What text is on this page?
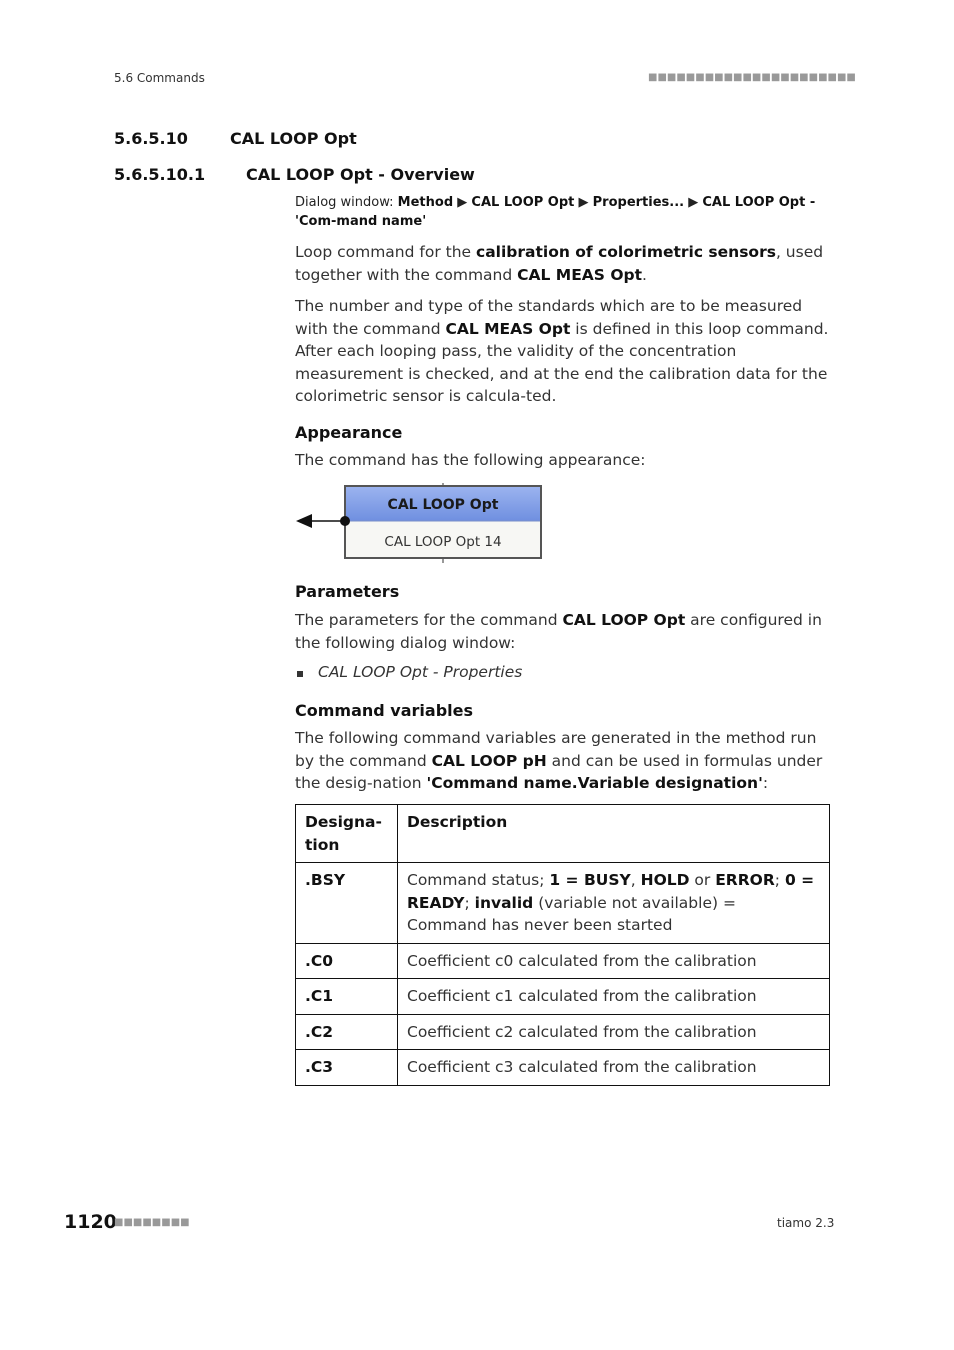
5.6 Commands	■■■■■■■■■■■■■■■■■■■■■■
5.6.5.10	CAL LOOP Opt
5.6.5.10.1	CAL LOOP Opt - Overview
Dialog window: Method ▶ CAL LOOP Opt ▶ Properties... ▶ CAL LOOP Opt - 'Com-mand name'
Loop command for the calibration of colorimetric sensors, used together with the command CAL MEAS Opt.
The number and type of the standards which are to be measured with the command CAL MEAS Opt is defined in this loop command. After each looping pass, the validity of the concentration measurement is checked, and at the end the calibration data for the colorimetric sensor is calcula-ted.
Appearance
The command has the following appearance:
CAL LOOP Opt
CAL LOOP Opt 14
Parameters
The parameters for the command CAL LOOP Opt are configured in the following dialog window:
CAL LOOP Opt - Properties
Command variables
The following command variables are generated in the method run by the command CAL LOOP pH and can be used in formulas under the desig-nation 'Command name.Variable designation':
Designa-tion	Description
.BSY	Command status; 1 = BUSY, HOLD or ERROR; 0 = READY; invalid (variable not available) = Command has never been started
.C0	Coefficient c0 calculated from the calibration
.C1	Coefficient c1 calculated from the calibration
.C2	Coefficient c2 calculated from the calibration
.C3	Coefficient c3 calculated from the calibration
1120
■■■■■■■■	tiamo 2.3
